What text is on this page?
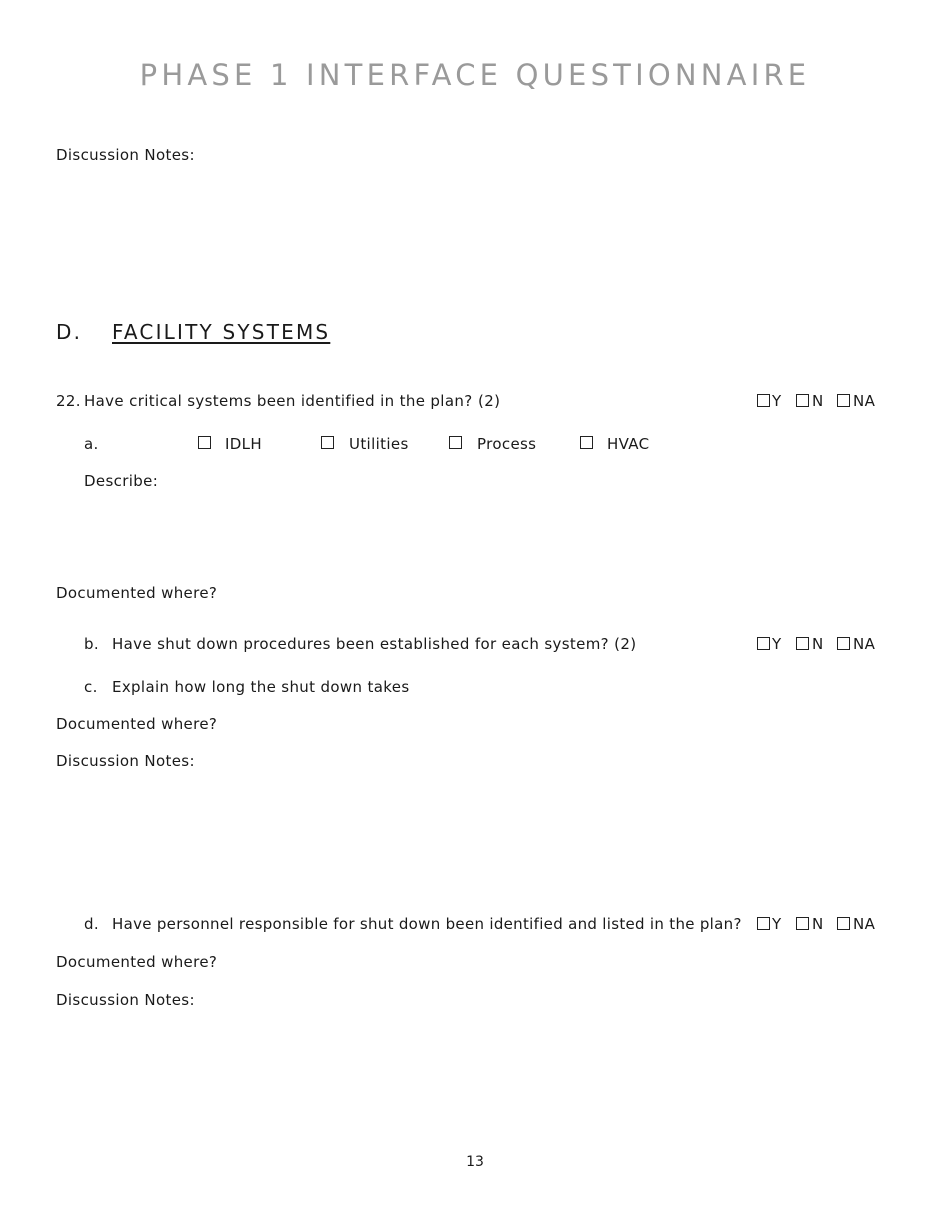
PHASE 1 INTERFACE QUESTIONNAIRE
Discussion Notes:
D. FACILITY SYSTEMS
22. Have critical systems been identified in the plan? (2)	Y N NA
a.	IDLH	Utilities	Process	HVAC
Describe:
Documented where?
b. Have shut down procedures been established for each system? (2)	Y N NA
c. Explain how long the shut down takes
Documented where?
Discussion Notes:
d. Have personnel responsible for shut down been identified and listed in the plan? Y N NA
Documented where?
Discussion Notes:
13
